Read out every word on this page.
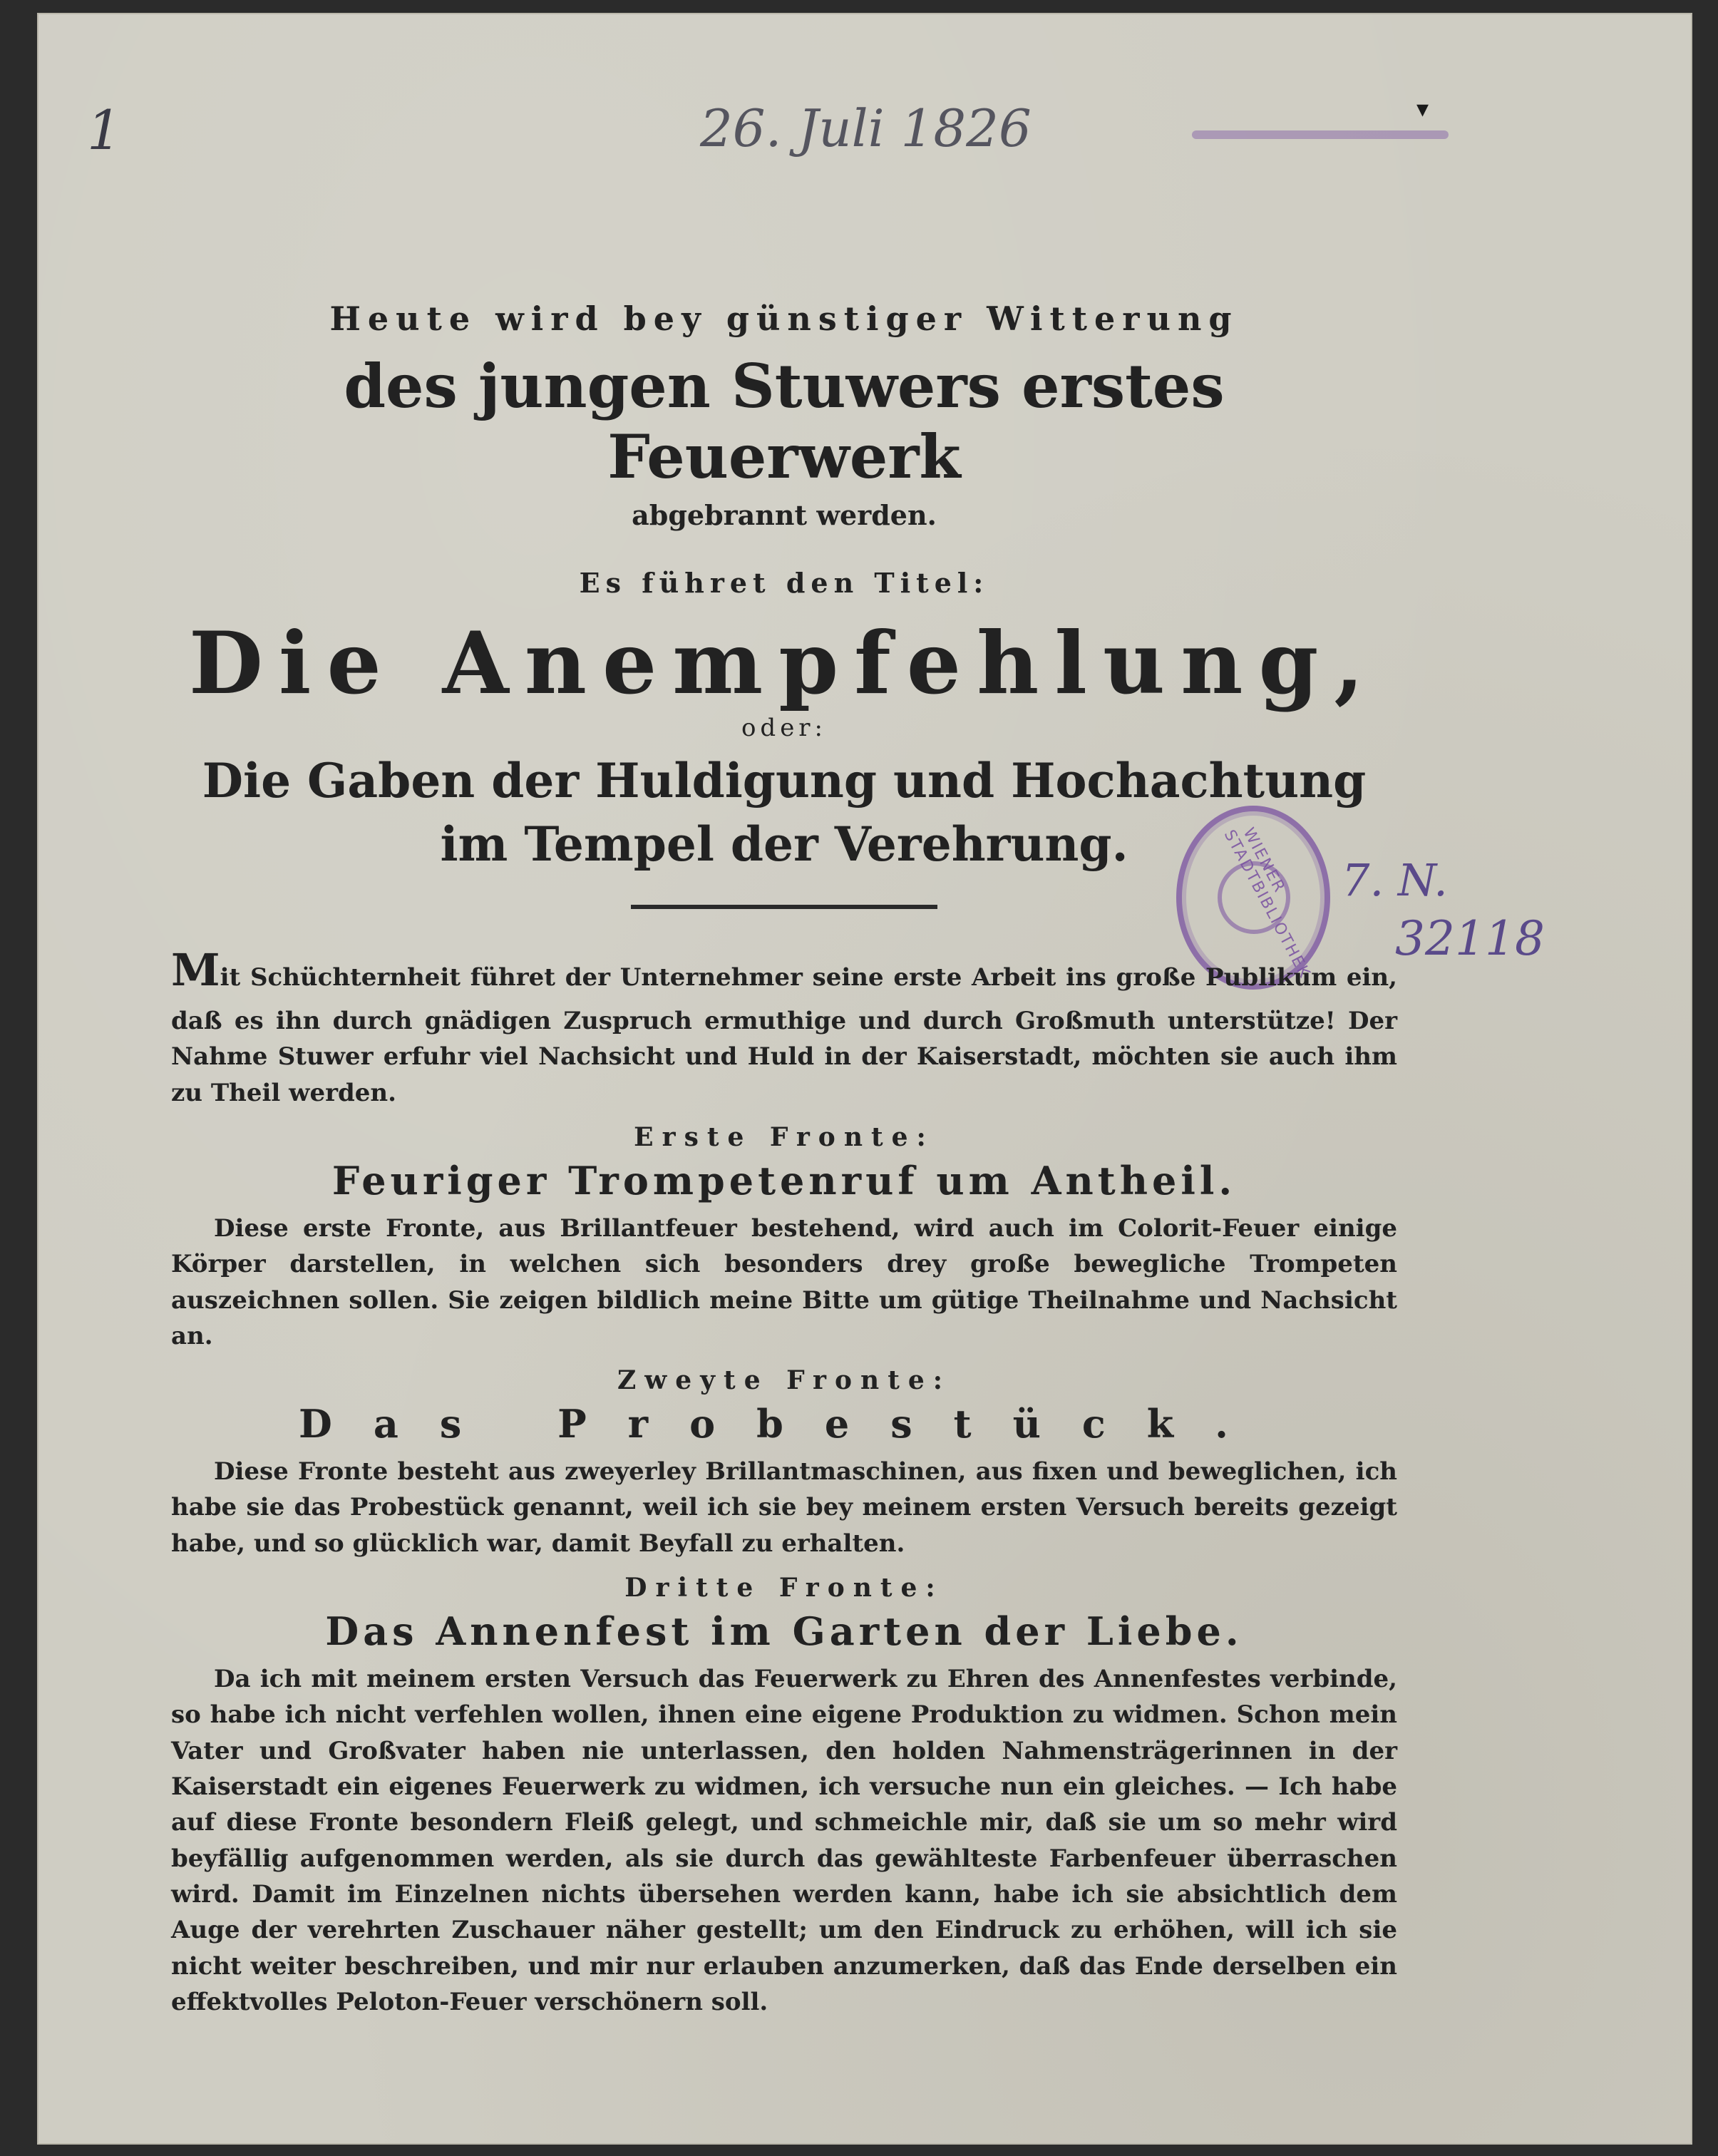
1	26. Juli 1826	▾
WIENER STADTBIBLIOTHEK 7. N.
32118

Heute wird bey günstiger Witterung

des jungen Stuwers erstes Feuerwerk

abgebrannt werden.

Es führet den Titel:

Die Anempfehlung,

oder:

Die Gaben der Huldigung und Hochachtung im Tempel der Verehrung.

Mit Schüchternheit führet der Unternehmer seine erste Arbeit ins große Publikum ein, daß es ihn durch gnädigen Zuspruch ermuthige und durch Großmuth unterstütze! Der Nahme Stuwer erfuhr viel Nachsicht und Huld in der Kaiserstadt, möchten sie auch ihm zu Theil werden.

Erste Fronte:

Feuriger Trompetenruf um Antheil.

Diese erste Fronte, aus Brillantfeuer bestehend, wird auch im Colorit-Feuer einige Körper darstellen, in welchen sich besonders drey große bewegliche Trompeten auszeichnen sollen. Sie zeigen bildlich meine Bitte um gütige Theilnahme und Nachsicht an.

Zweyte Fronte:

Das Probestück.

Diese Fronte besteht aus zweyerley Brillantmaschinen, aus fixen und beweglichen, ich habe sie das Probestück genannt, weil ich sie bey meinem ersten Versuch bereits gezeigt habe, und so glücklich war, damit Beyfall zu erhalten.

Dritte Fronte:

Das Annenfest im Garten der Liebe.

Da ich mit meinem ersten Versuch das Feuerwerk zu Ehren des Annenfestes verbinde, so habe ich nicht verfehlen wollen, ihnen eine eigene Produktion zu widmen. Schon mein Vater und Großvater haben nie unterlassen, den holden Nahmensträgerinnen in der Kaiserstadt ein eigenes Feuerwerk zu widmen, ich versuche nun ein gleiches. — Ich habe auf diese Fronte besondern Fleiß gelegt, und schmeichle mir, daß sie um so mehr wird beyfällig aufgenommen werden, als sie durch das gewählteste Farbenfeuer überraschen wird. Damit im Einzelnen nichts übersehen werden kann, habe ich sie absichtlich dem Auge der verehrten Zuschauer näher gestellt; um den Eindruck zu erhöhen, will ich sie nicht weiter beschreiben, und mir nur erlauben anzumerken, daß das Ende derselben ein effektvolles Peloton-Feuer verschönern soll.
